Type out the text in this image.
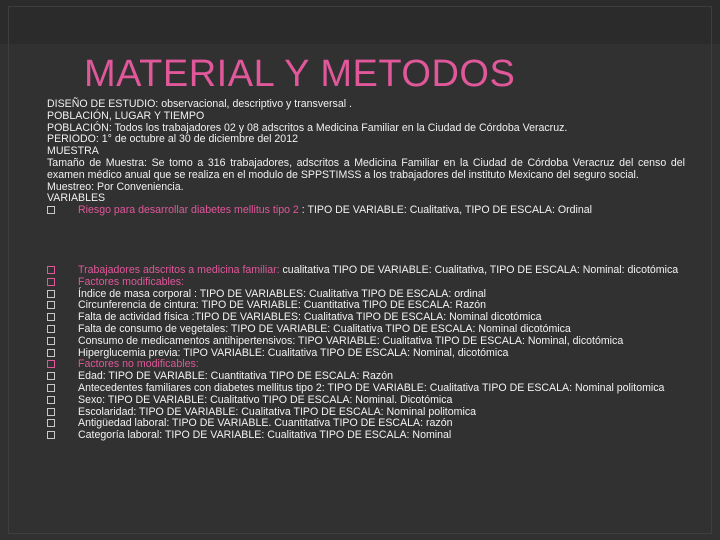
MATERIAL Y METODOS
DISEÑO DE ESTUDIO: observacional, descriptivo y transversal .
POBLACIÓN, LUGAR Y TIEMPO
POBLACIÓN: Todos los trabajadores 02 y 08 adscritos a Medicina Familiar en la Ciudad de Córdoba Veracruz.
PERIODO: 1° de octubre al 30 de diciembre del 2012
MUESTRA
Tamaño de Muestra: Se tomo a 316 trabajadores, adscritos a Medicina Familiar en la Ciudad de Córdoba Veracruz del censo del examen médico anual que se realiza en el modulo de SPPSTIMSS a los trabajadores del instituto Mexicano del seguro social.
Muestreo: Por Conveniencia.
VARIABLES
Riesgo para desarrollar diabetes mellitus tipo 2 : TIPO DE VARIABLE: Cualitativa, TIPO DE ESCALA: Ordinal
Trabajadores adscritos a medicina familiar: cualitativa TIPO DE VARIABLE: Cualitativa, TIPO DE ESCALA: Nominal: dicotómica
Factores modificables:
Índice de masa corporal : TIPO DE VARIABLES: Cualitativa TIPO DE ESCALA: ordinal
Circunferencia de cintura: TIPO DE VARIABLE: Cuantitativa TIPO DE ESCALA: Razón
Falta de actividad física :TIPO DE VARIABLES: Cualitativa TIPO DE ESCALA: Nominal dicotómica
Falta de consumo de vegetales: TIPO DE VARIABLE: Cualitativa TIPO DE ESCALA: Nominal dicotómica
Consumo de medicamentos antihipertensivos: TIPO VARIABLE: Cualitativa TIPO DE ESCALA: Nominal, dicotómica
Hiperglucemia previa: TIPO VARIABLE: Cualitativa TIPO DE ESCALA: Nominal, dicotómica
Factores no modificables:
Edad: TIPO DE VARIABLE: Cuantitativa TIPO DE ESCALA: Razón
Antecedentes familiares con diabetes mellitus tipo 2: TIPO DE VARIABLE: Cualitativa TIPO DE ESCALA: Nominal politomica
Sexo: TIPO DE VARIABLE: Cualitativo TIPO DE ESCALA: Nominal. Dicotómica
Escolaridad: TIPO DE VARIABLE: Cualitativa TIPO DE ESCALA: Nominal politomica
Antigüedad laboral: TIPO DE VARIABLE. Cuantitativa TIPO DE ESCALA: razón
Categoría laboral: TIPO DE VARIABLE: Cualitativa TIPO DE ESCALA: Nominal
